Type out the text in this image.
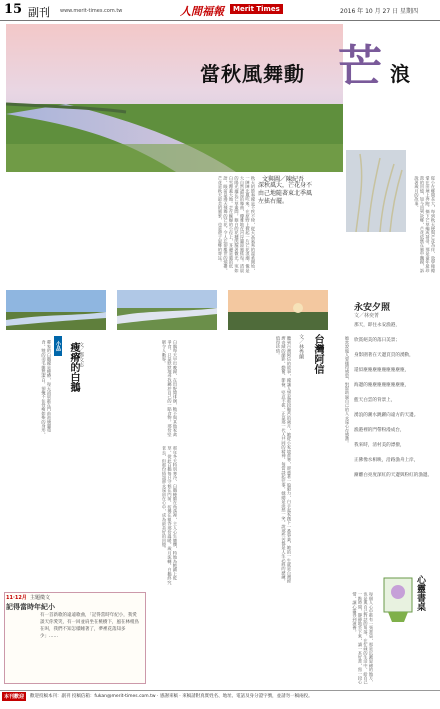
15 副刊 www.merit-times.com.tw	人間福報	Merit Times	2016 年 10 月 27 日 星期四
當秋風舞動 芒 浪
文與圖／陳紀吾
深秋風大，芒花身不由己地隨著東北季風左搖右擺。
秋天的節奏總是不疾不徐，從天高氣爽的溫柔開始，一陣陣北風吹來，在原野上掀起一片芒花浪潮，像是大自然譜寫的舞曲，優雅地在河岸邊迎風搖曳。清晨的陽光灑在芒草叢間，銀白的花穗閃耀著微光，宛如白雪覆蓋大地。走在蜿蜒的小徑上，耳邊是風的低語，眼前是漫天飛舞的芒花，令人忘卻塵世的煩擾。芒花是秋天最美的風景，也是遊子思鄉的寄託。	從小在鄉間長大，每到秋天便與芒花為伴，放學後總愛在田埂上奔跑，摘下芒草編成掃帚，那是童年最珍貴的回憶，如今回到故鄉，芒花依舊在風中飄揚，訴說著歲月的故事。
永安夕照
文／林奕菁

那天，即往永安漁港，

欣賞絕美的落日美景；

身影圍著在天邊頁頁的湧動，

還似塵塵塵塵塵塵塵塵塵，

海邊的塵塵塵塵塵塵塵塵，

藍天白雲的背景上，

湧浪的潮水跳躍向遠方的天邊。

漁港裡的門帶粉漫成台，

我來時，清村美的漂撥，

正佛像水相映，沿路漁舟上岸，

漸離白亮度深紅的天邊與粉紅的漁邊。

瘦瘠的白鵝 文／鄭文志
小品
鄰家的白鵝總是瘦瘠，每天清晨都在門前池塘邊覓食，牠的羽毛雖然潔白，卻掩不住骨瘦如柴的身形。	白鵝每天早出晚歸，在田野間徘徊，牠不與其他家禽爭食，只是默默地尋找屬於自己的一點食物，那份堅韌令人動容。	台灣阿信
文／林秀蘭
聽到台灣阿信的故事，總讓人想起那段艱苦的歲月，她從小家境貧寒，卻憑著一股毅力，白手起家創下一番事業，她的一生就是台灣經濟奇蹟的縮影，勤奮、節儉、堅忍不拔，正是那一代人共同的精神，每當談起往事，她總是淡然一笑，說那些苦都是人生必經的歷練，值得珍惜。	她常說做人要懂得感恩，對幫助過自己的人永遠心存感激。
那年冬天特別寒冷，白鵝蜷縮在角落裡，主人心生憐憫，特地為牠鋪上乾草，從此白鵝每日守候在門前，彷彿在報答那份溫暖，歲月流轉，白鵝終究老去，但那份情誼卻永遠留在心中，成為最美好的回憶。
11·12月 主題徵文
記得當時年紀小
有一首新歌的遠遠歌曲，「記得當時年紀小，我愛談天你愛笑，有一回並肩坐在桃樹下，風在林梢鳥在叫，我們不知怎樣睡著了，夢裡花落知多少」……	每個人心中都有一張書桌，那是沉澱思緒的地方，也是與自己對話的角落，在忙碌的生活中，給自己一點時間，靜靜地坐下來，讀一本好書，寫一段心情，讓心靈得到滋養。	心靈書桌
本刊歡迎	歡迎投稿本刊：副刊 投稿信箱：fukan@merit-times.com.tw · 感謝來稿 · 來稿請附真實姓名、地址、電話及身分證字號，並請勿一稿兩投。
